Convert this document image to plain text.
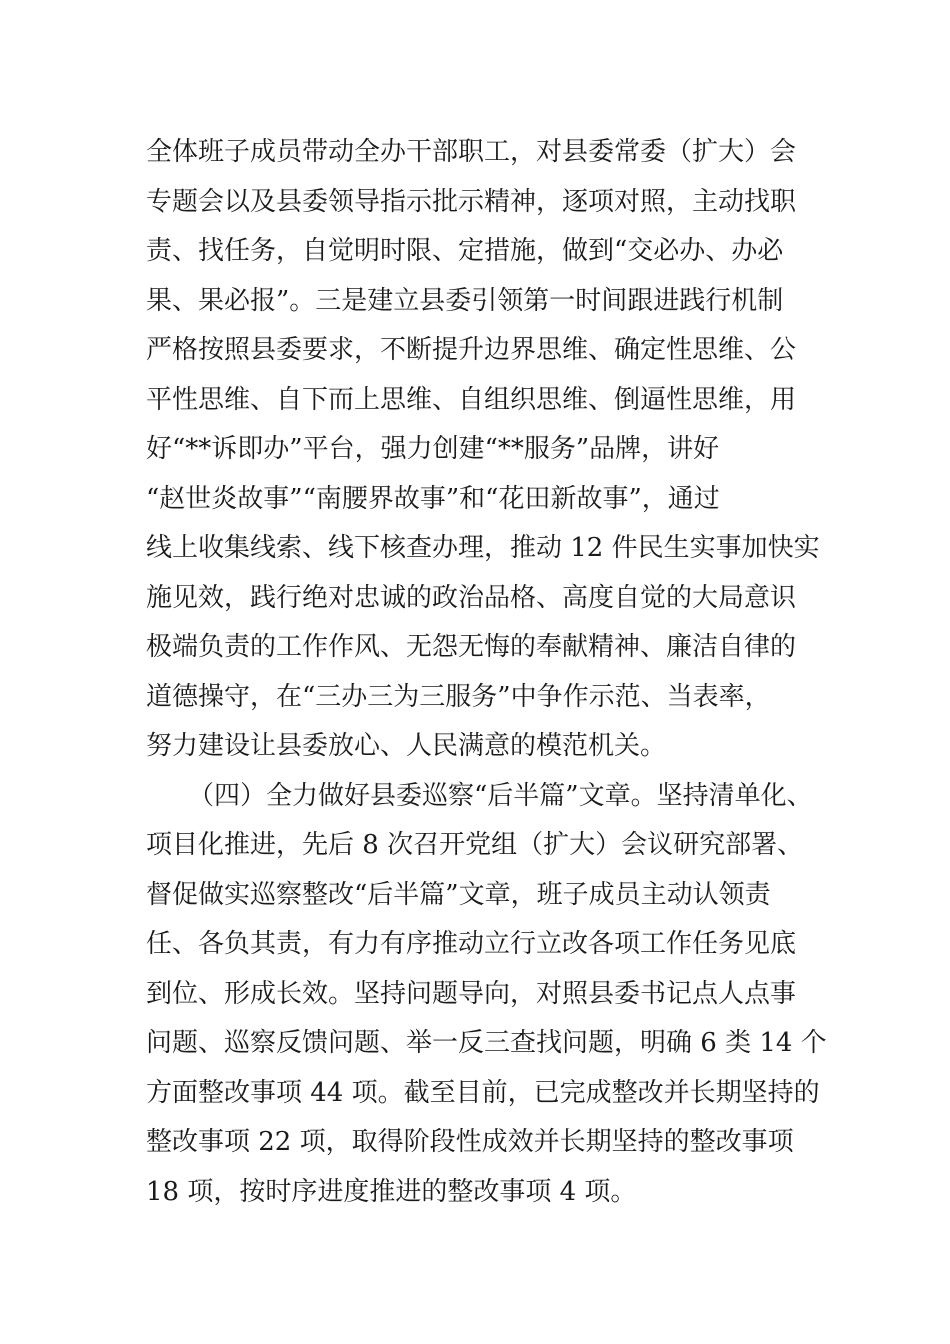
全体班子成员带动全办干部职工，对县委常委（扩大）会
专题会以及县委领导指示批示精神，逐项对照，主动找职
责、找任务，自觉明时限、定措施，做到“交必办、办必
果、果必报”。三是建立县委引领第一时间跟进践行机制
严格按照县委要求，不断提升边界思维、确定性思维、公
平性思维、自下而上思维、自组织思维、倒逼性思维，用
好“**诉即办”平台，强力创建“**服务”品牌，讲好
“赵世炎故事”“南腰界故事”和“花田新故事”，通过
线上收集线索、线下核查办理，推动 12 件民生实事加快实
施见效，践行绝对忠诚的政治品格、高度自觉的大局意识
极端负责的工作作风、无怨无悔的奉献精神、廉洁自律的
道德操守，在“三办三为三服务”中争作示范、当表率，
努力建设让县委放心、人民满意的模范机关。
（四）全力做好县委巡察“后半篇”文章。坚持清单化、
项目化推进，先后 8 次召开党组（扩大）会议研究部署、
督促做实巡察整改“后半篇”文章，班子成员主动认领责
任、各负其责，有力有序推动立行立改各项工作任务见底
到位、形成长效。坚持问题导向，对照县委书记点人点事
问题、巡察反馈问题、举一反三查找问题，明确 6 类 14 个
方面整改事项 44 项。截至目前，已完成整改并长期坚持的
整改事项 22 项，取得阶段性成效并长期坚持的整改事项
18 项，按时序进度推进的整改事项 4 项。
